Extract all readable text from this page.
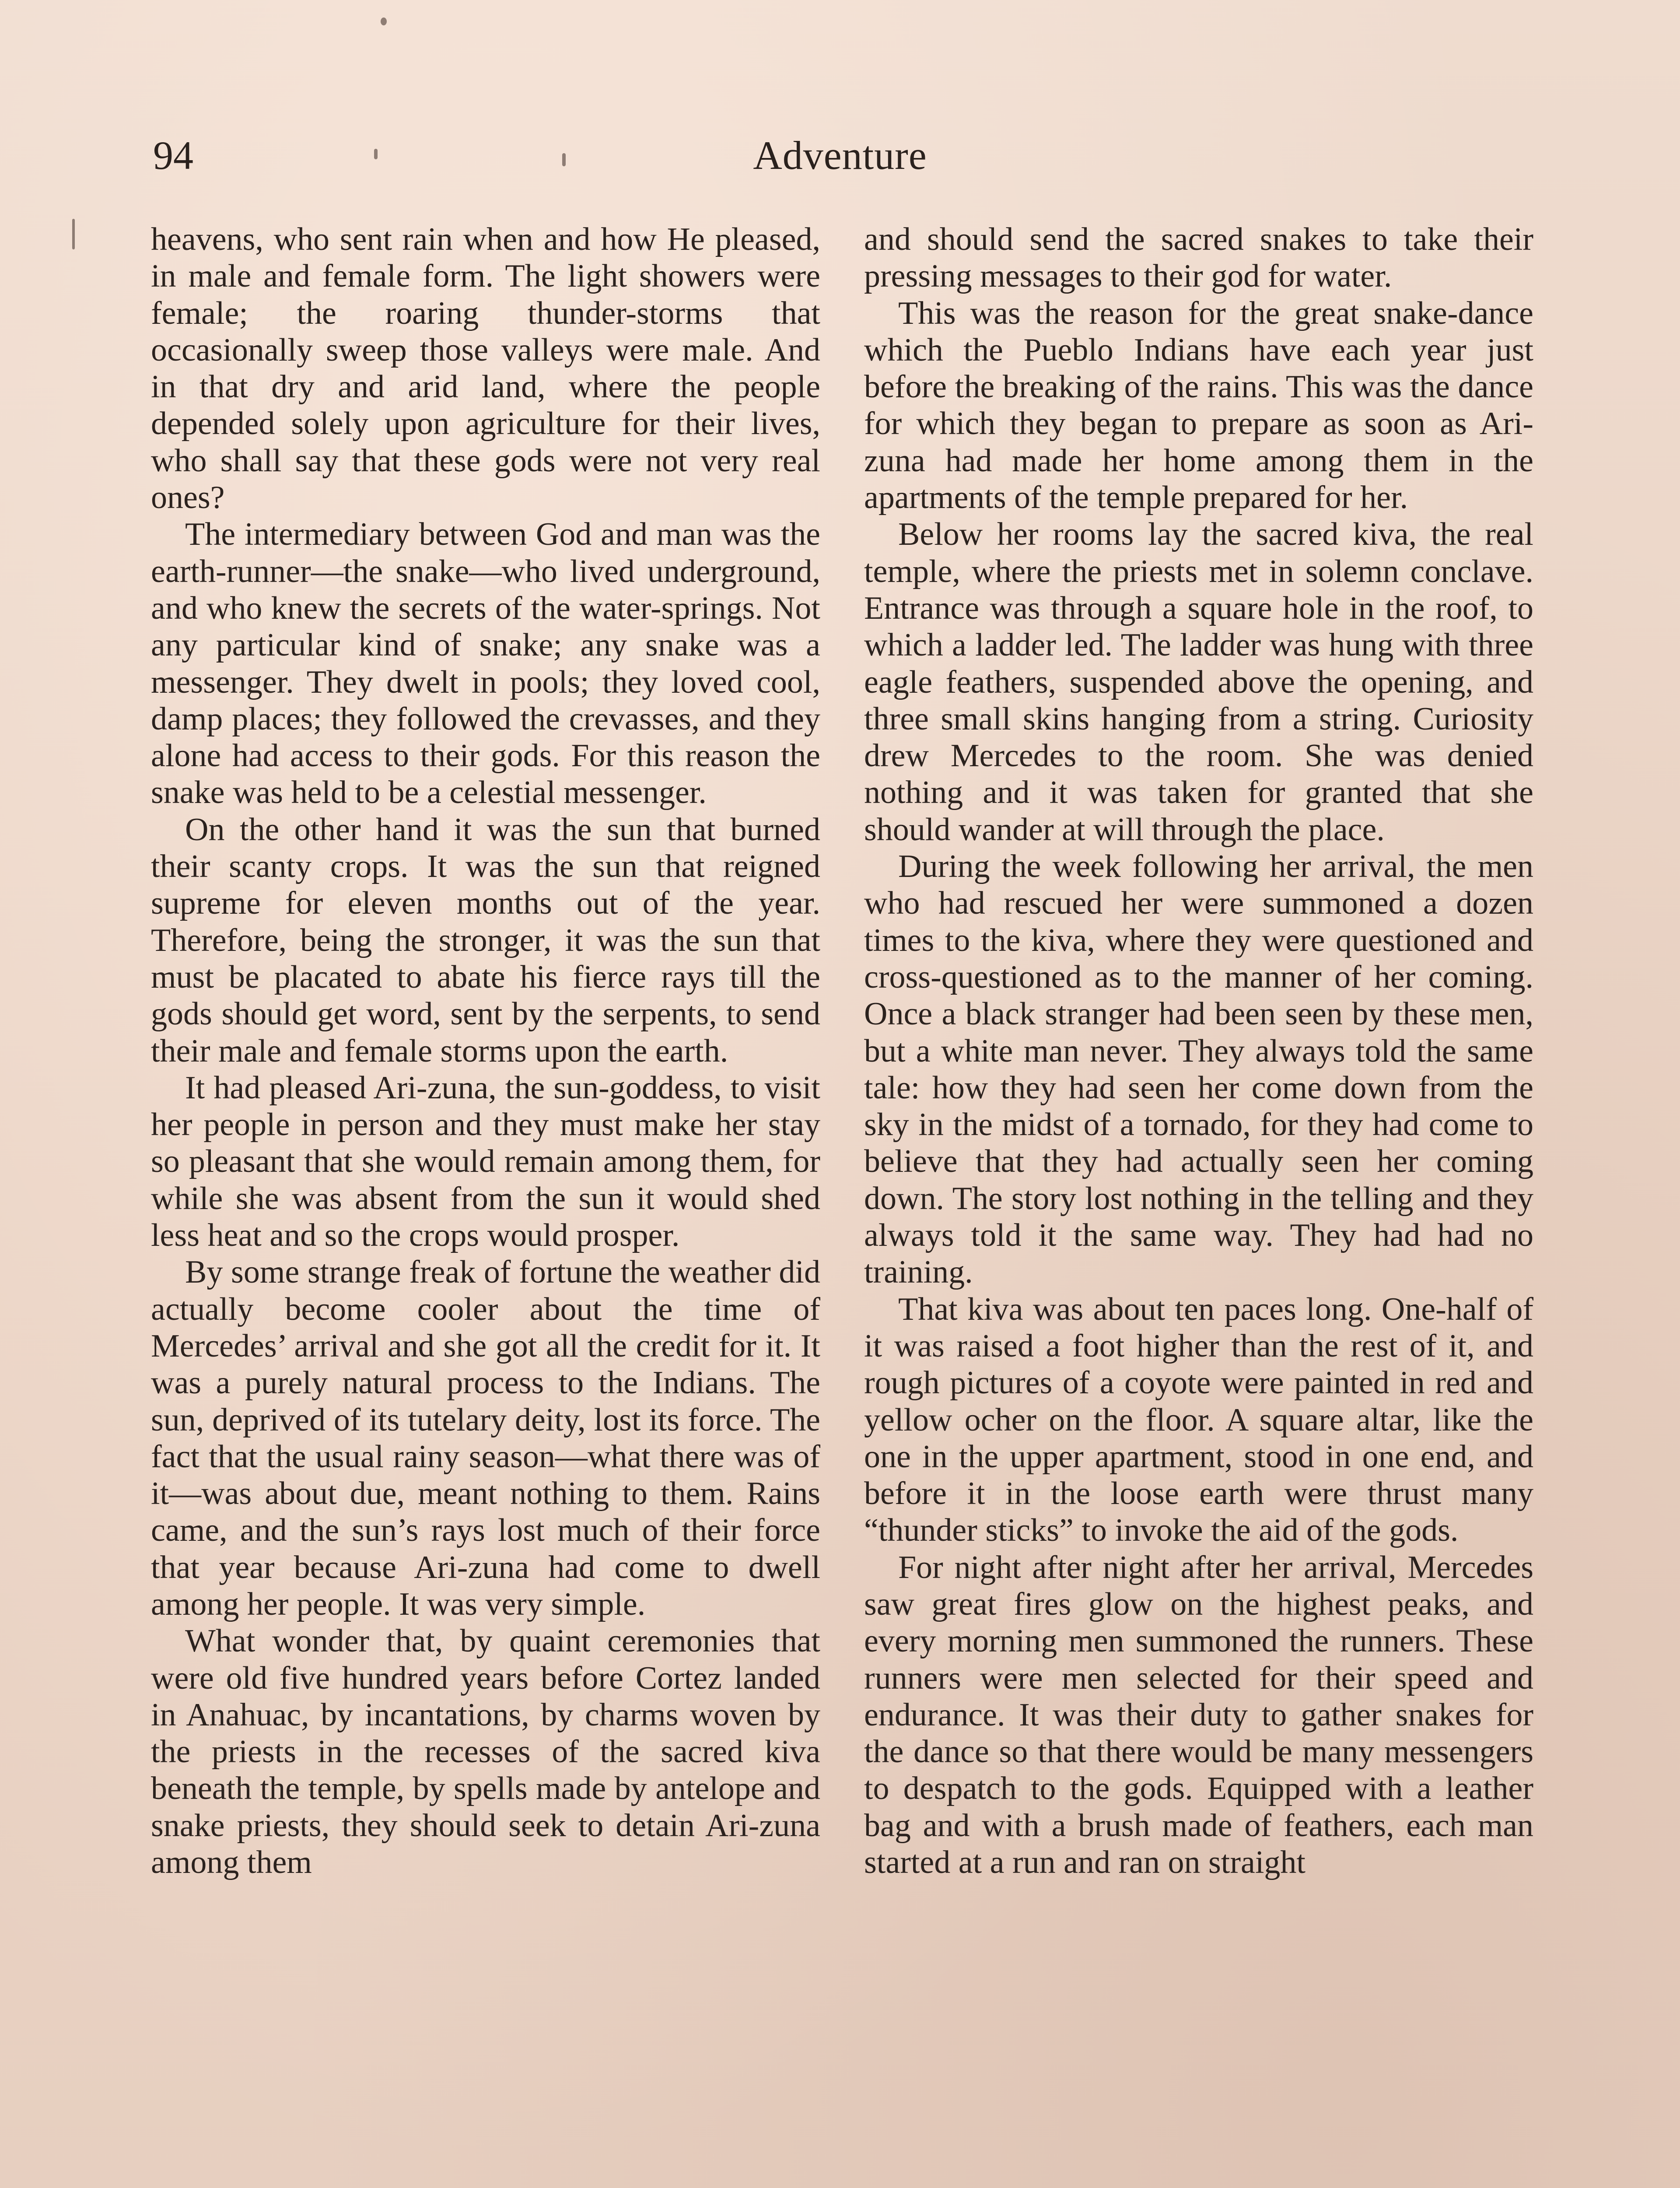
94	Adventure

heavens, who sent rain when and how He pleased, in male and female form. The light showers were female; the roaring thunder-storms that occasionally sweep those valleys were male. And in that dry and arid land, where the people depended solely upon agriculture for their lives, who shall say that these gods were not very real ones?

The intermediary between God and man was the earth-runner—the snake—who lived underground, and who knew the secrets of the water-springs. Not any particular kind of snake; any snake was a messenger. They dwelt in pools; they loved cool, damp places; they followed the crevasses, and they alone had access to their gods. For this reason the snake was held to be a celestial messenger.

On the other hand it was the sun that burned their scanty crops. It was the sun that reigned supreme for eleven months out of the year. Therefore, being the stronger, it was the sun that must be placated to abate his fierce rays till the gods should get word, sent by the serpents, to send their male and female storms upon the earth.

It had pleased Ari-zuna, the sun-goddess, to visit her people in person and they must make her stay so pleasant that she would remain among them, for while she was absent from the sun it would shed less heat and so the crops would prosper.

By some strange freak of fortune the weather did actually become cooler about the time of Mercedes’ arrival and she got all the credit for it. It was a purely natural process to the Indians. The sun, deprived of its tutelary deity, lost its force. The fact that the usual rainy season—what there was of it—was about due, meant nothing to them. Rains came, and the sun’s rays lost much of their force that year because Ari-zuna had come to dwell among her people. It was very simple.

What wonder that, by quaint ceremonies that were old five hundred years before Cortez landed in Anahuac, by incantations, by charms woven by the priests in the recesses of the sacred kiva beneath the temple, by spells made by antelope and snake priests, they should seek to detain Ari-zuna among them

and should send the sacred snakes to take their pressing messages to their god for water.

This was the reason for the great snake-dance which the Pueblo Indians have each year just before the breaking of the rains. This was the dance for which they began to prepare as soon as Ari-zuna had made her home among them in the apartments of the temple prepared for her.

Below her rooms lay the sacred kiva, the real temple, where the priests met in solemn conclave. Entrance was through a square hole in the roof, to which a ladder led. The ladder was hung with three eagle feathers, suspended above the opening, and three small skins hanging from a string. Curiosity drew Mercedes to the room. She was denied nothing and it was taken for granted that she should wander at will through the place.

During the week following her arrival, the men who had rescued her were summoned a dozen times to the kiva, where they were questioned and cross-questioned as to the manner of her coming. Once a black stranger had been seen by these men, but a white man never. They always told the same tale: how they had seen her come down from the sky in the midst of a tornado, for they had come to believe that they had actually seen her coming down. The story lost nothing in the telling and they always told it the same way. They had had no training.

That kiva was about ten paces long. One-half of it was raised a foot higher than the rest of it, and rough pictures of a coyote were painted in red and yellow ocher on the floor. A square altar, like the one in the upper apartment, stood in one end, and before it in the loose earth were thrust many “thunder sticks” to invoke the aid of the gods.

For night after night after her arrival, Mercedes saw great fires glow on the highest peaks, and every morning men summoned the runners. These runners were men selected for their speed and endurance. It was their duty to gather snakes for the dance so that there would be many messengers to despatch to the gods. Equipped with a leather bag and with a brush made of feathers, each man started at a run and ran on straight
